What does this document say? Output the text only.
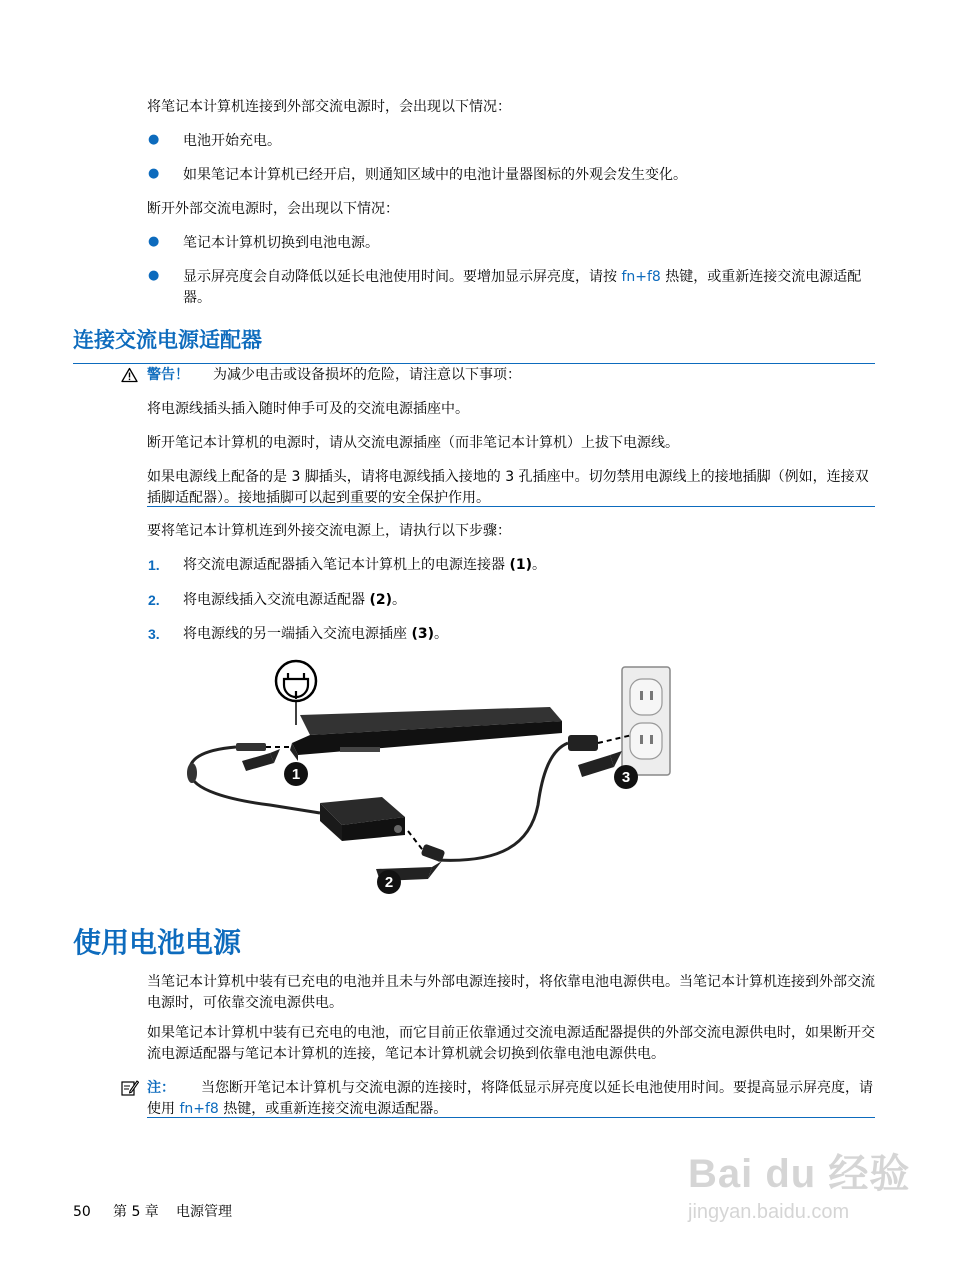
将笔记本计算机连接到外部交流电源时，会出现以下情况：
● 电池开始充电。
● 如果笔记本计算机已经开启，则通知区域中的电池计量器图标的外观会发生变化。
断开外部交流电源时，会出现以下情况：
● 笔记本计算机切换到电池电源。
● 显示屏亮度会自动降低以延长电池使用时间。要增加显示屏亮度，请按 fn+f8 热键，或重新连接交流电源适配器。
连接交流电源适配器
警告！ 为减少电击或设备损坏的危险，请注意以下事项：
将电源线插头插入随时伸手可及的交流电源插座中。
断开笔记本计算机的电源时，请从交流电源插座（而非笔记本计算机）上拔下电源线。
如果电源线上配备的是 3 脚插头，请将电源线插入接地的 3 孔插座中。切勿禁用电源线上的接地插脚（例如，连接双插脚适配器）。接地插脚可以起到重要的安全保护作用。
要将笔记本计算机连到外接交流电源上，请执行以下步骤：
1. 将交流电源适配器插入笔记本计算机上的电源连接器 (1)。
2. 将电源线插入交流电源适配器 (2)。
3. 将电源线的另一端插入交流电源插座 (3)。
1
2
3
使用电池电源
当笔记本计算机中装有已充电的电池并且未与外部电源连接时，将依靠电池电源供电。当笔记本计算机连接到外部交流电源时，可依靠交流电源供电。
如果笔记本计算机中装有已充电的电池，而它目前正依靠通过交流电源适配器提供的外部交流电源供电时，如果断开交流电源适配器与笔记本计算机的连接，笔记本计算机就会切换到依靠电池电源供电。
注： 当您断开笔记本计算机与交流电源的连接时，将降低显示屏亮度以延长电池使用时间。要提高显示屏亮度，请使用 fn+f8 热键，或重新连接交流电源适配器。
Bai du 经验
jingyan.baidu.com
50 第 5 章 电源管理
